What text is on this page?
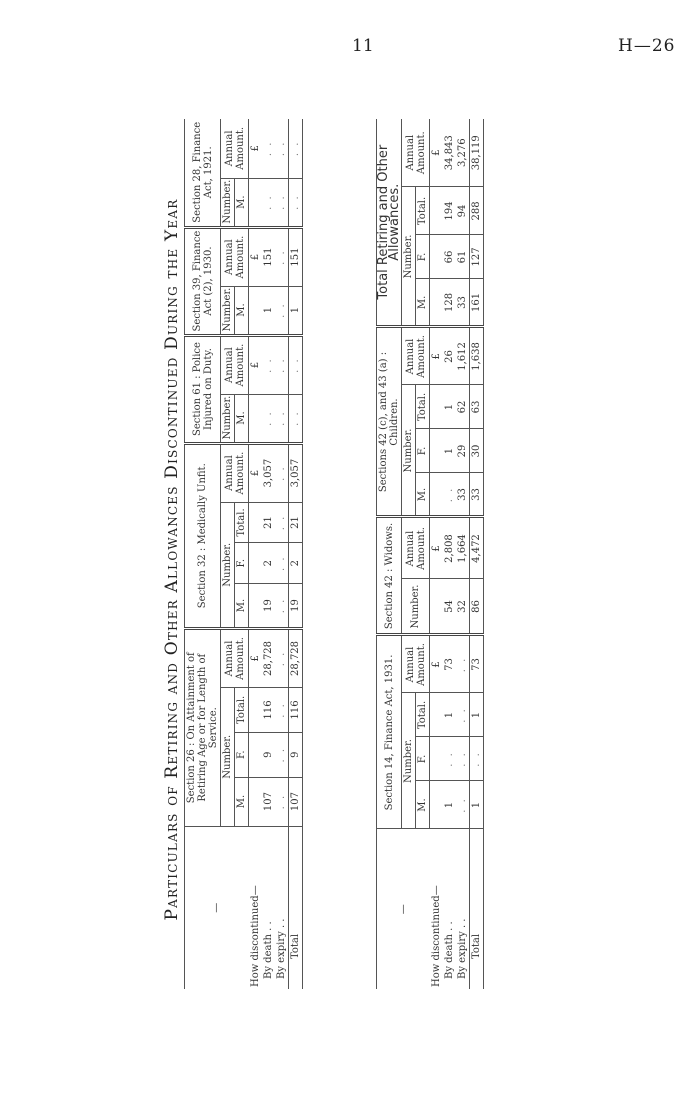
11	H—26
Particulars of Retiring and Other Allowances Discontinued During the Year	—	Section 26 : On Attainment of Retiring Age or for Length of Service.				Section 32 : Medically Unfit.				Section 61 : Police Injured on Duty.		Section 39, Finance Act (2), 1930.		Section 28, Finance Act, 1921.	
	Number.			Annual Amount.	Number.			Annual Amount.	Number.	Annual Amount.	Number.	Annual Amount.	Number.	Annual Amount.
	M.	F.	Total.		M.	F.	Total.		M.		M.		M.	
How discontinued—				£				£		£		£		£
By death . .	107	9	116	28,728	19	2	21	3,057	. .	. .	1	151	. .	. .
By expiry . .	. .	. .	. .	. .	. .	. .	. .	. .	. .	. .	. .	. .	. .	. .
Total	107	9	116	28,728	19	2	21	3,057	. .	. .	1	151	. .	. .
—	Section 14, Finance Act, 1931.				Section 42 : Widows.		Sections 42 (c), and 43 (a) : Children.				Total Retiring and Other Allowances.			
	Number.			Annual Amount.	Number.	Annual Amount.	Number.			Annual Amount.	Number.			Annual Amount.
	M.	F.	Total.				M.	F.	Total.		M.	F.	Total.	
How discontinued—				£		£				£				£
By death . .	1	. .	1	73	54	2,808	. .	1	1	26	128	66	194	34,843
By expiry . .	. .	. .	. .	. .	32	1,664	33	29	62	1,612	33	61	94	3,276
Total	1	. .	1	73	86	4,472	33	30	63	1,638	161	127	288	38,119
